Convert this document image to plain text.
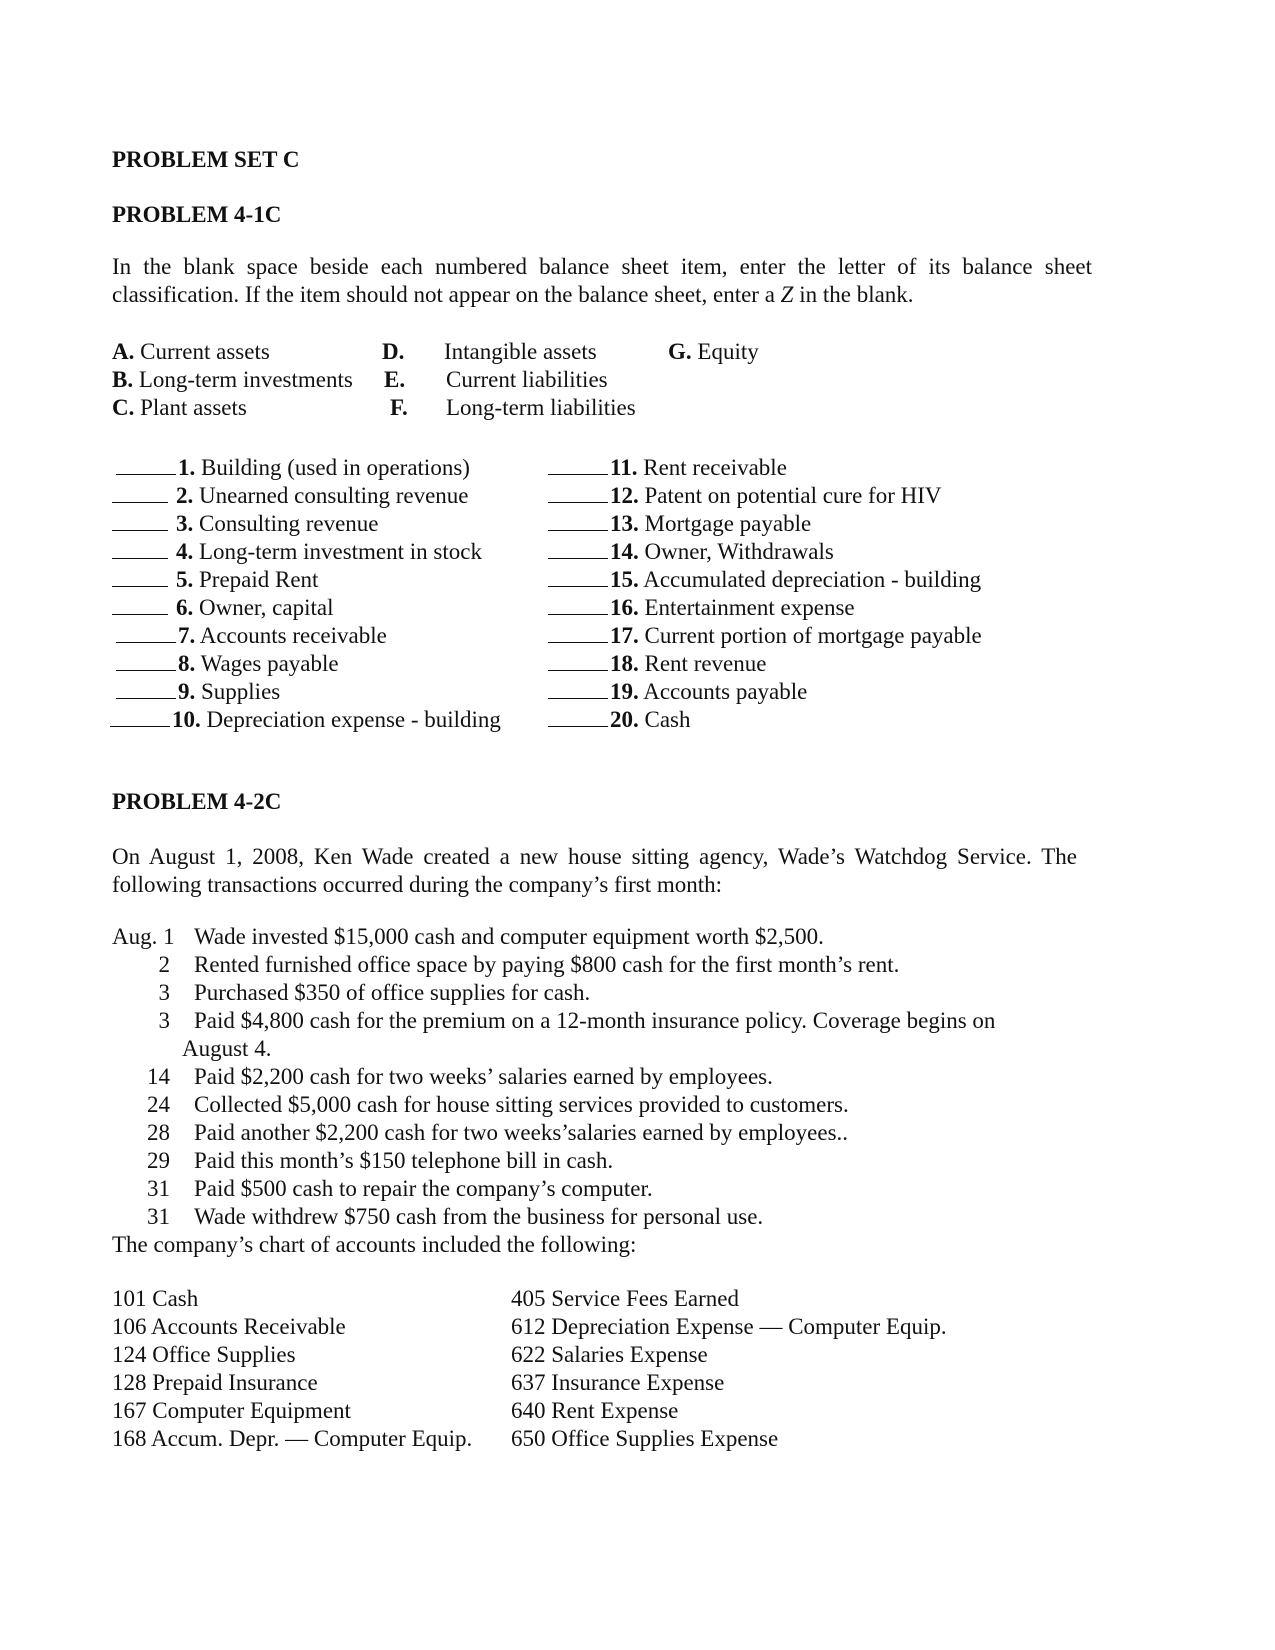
PROBLEM SET C
PROBLEM 4-1C
In the blank space beside each numbered balance sheet item, enter the letter of its balance sheet classification. If the item should not appear on the balance sheet, enter a Z in the blank.
A. Current assets
B. Long-term investments
C. Plant assets
D. Intangible assets
E. Current liabilities
F. Long-term liabilities
G. Equity
1. Building (used in operations)
2. Unearned consulting revenue
3. Consulting revenue
4. Long-term investment in stock
5. Prepaid Rent
6. Owner, capital
7. Accounts receivable
8. Wages payable
9. Supplies
10. Depreciation expense - building
11. Rent receivable
12. Patent on potential cure for HIV
13. Mortgage payable
14. Owner, Withdrawals
15. Accumulated depreciation - building
16. Entertainment expense
17. Current portion of mortgage payable
18. Rent revenue
19. Accounts payable
20. Cash
PROBLEM 4-2C
On August 1, 2008, Ken Wade created a new house sitting agency, Wade’s Watchdog Service. The following transactions occurred during the company’s first month:
Aug. 1 Wade invested $15,000 cash and computer equipment worth $2,500.
2 Rented furnished office space by paying $800 cash for the first month’s rent.
3 Purchased $350 of office supplies for cash.
3 Paid $4,800 cash for the premium on a 12-month insurance policy. Coverage begins on
August 4.
14 Paid $2,200 cash for two weeks’ salaries earned by employees.
24 Collected $5,000 cash for house sitting services provided to customers.
28 Paid another $2,200 cash for two weeks’salaries earned by employees..
29 Paid this month’s $150 telephone bill in cash.
31 Paid $500 cash to repair the company’s computer.
31 Wade withdrew $750 cash from the business for personal use.
The company’s chart of accounts included the following:
101 Cash
106 Accounts Receivable
124 Office Supplies
128 Prepaid Insurance
167 Computer Equipment
168 Accum. Depr. — Computer Equip.
405 Service Fees Earned
612 Depreciation Expense — Computer Equip.
622 Salaries Expense
637 Insurance Expense
640 Rent Expense
650 Office Supplies Expense
